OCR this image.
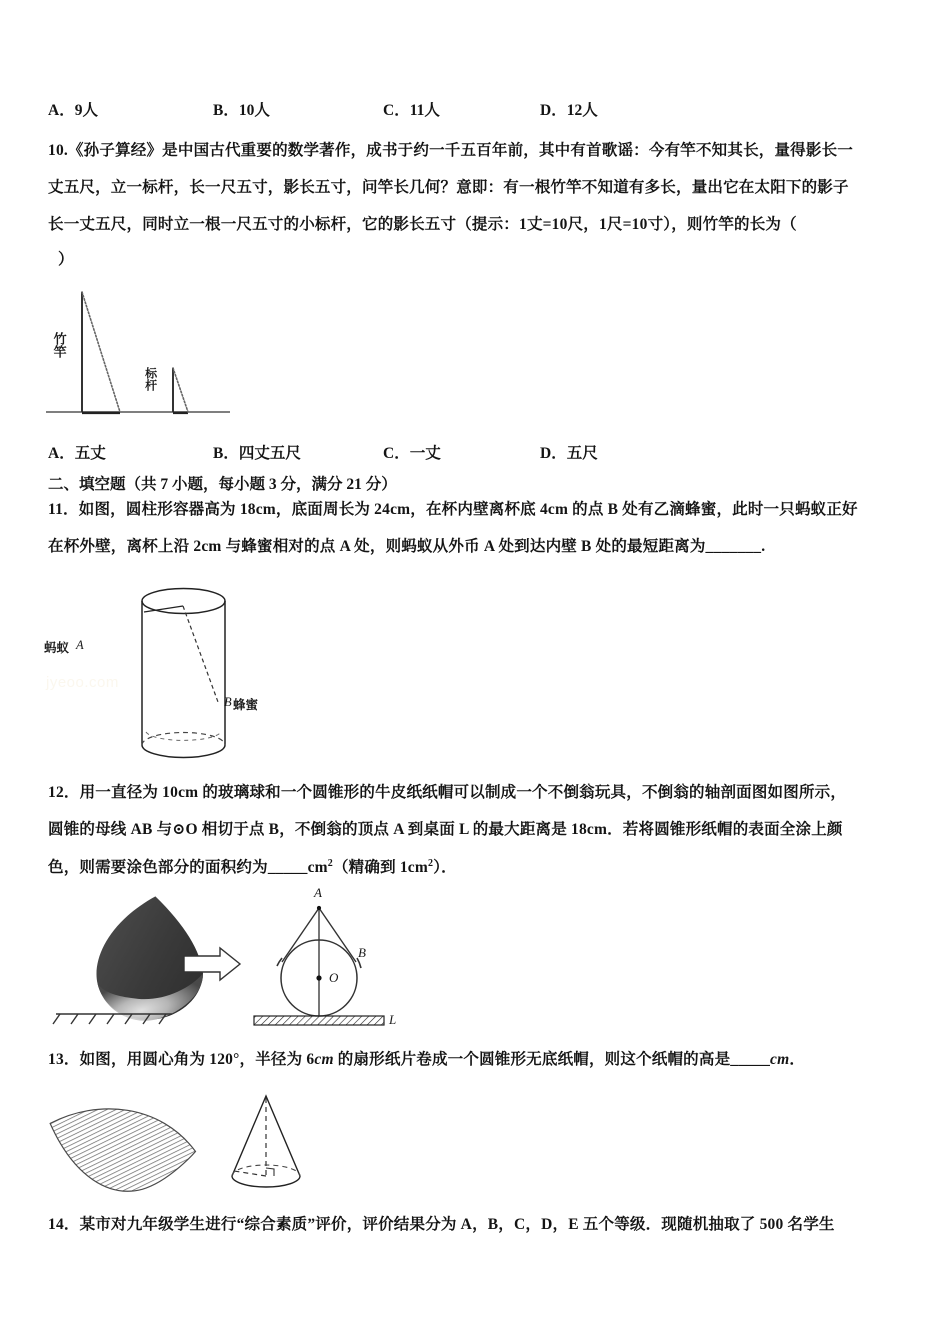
A．9人	B．10人	C．11人	D．12人
10.《孙子算经》是中国古代重要的数学著作，成书于约一千五百年前，其中有首歌谣：今有竿不知其长，量得影长一
丈五尺，立一标杆，长一尺五寸，影长五寸，问竿长几何？意即：有一根竹竿不知道有多长，量出它在太阳下的影子
长一丈五尺，同时立一根一尺五寸的小标杆，它的影长五寸（提示：1丈=10尺，1尺=10寸），则竹竿的长为（
）
竹竿
标杆
A．五丈	B．四丈五尺	C．一丈	D．五尺
二、填空题（共 7 小题，每小题 3 分，满分 21 分）
11．如图，圆柱形容器高为 18cm，底面周长为 24cm，在杯内壁离杯底 4cm 的点 B 处有乙滴蜂蜜，此时一只蚂蚁正好
在杯外壁，离杯上沿 2cm 与蜂蜜相对的点 A 处，则蚂蚁从外币 A 处到达内壁 B 处的最短距离为_______.
蚂蚁 A
B 蜂蜜
jyeoo.com
12．用一直径为 10cm 的玻璃球和一个圆锥形的牛皮纸纸帽可以制成一个不倒翁玩具，不倒翁的轴剖面图如图所示，
圆锥的母线 AB 与⊙O 相切于点 B，不倒翁的顶点 A 到桌面 L 的最大距离是 18cm．若将圆锥形纸帽的表面全涂上颜
色，则需要涂色部分的面积约为$\_\_\_\_\_cm^2$（精确到 $1cm^2$）．
A
B
O
L
13．如图，用圆心角为 120°，半径为 6cm 的扇形纸片卷成一个圆锥形无底纸帽，则这个纸帽的高是_____cm．
14．某市对九年级学生进行“综合素质”评价，评价结果分为 A，B，C，D，E 五个等级．现随机抽取了 500 名学生
